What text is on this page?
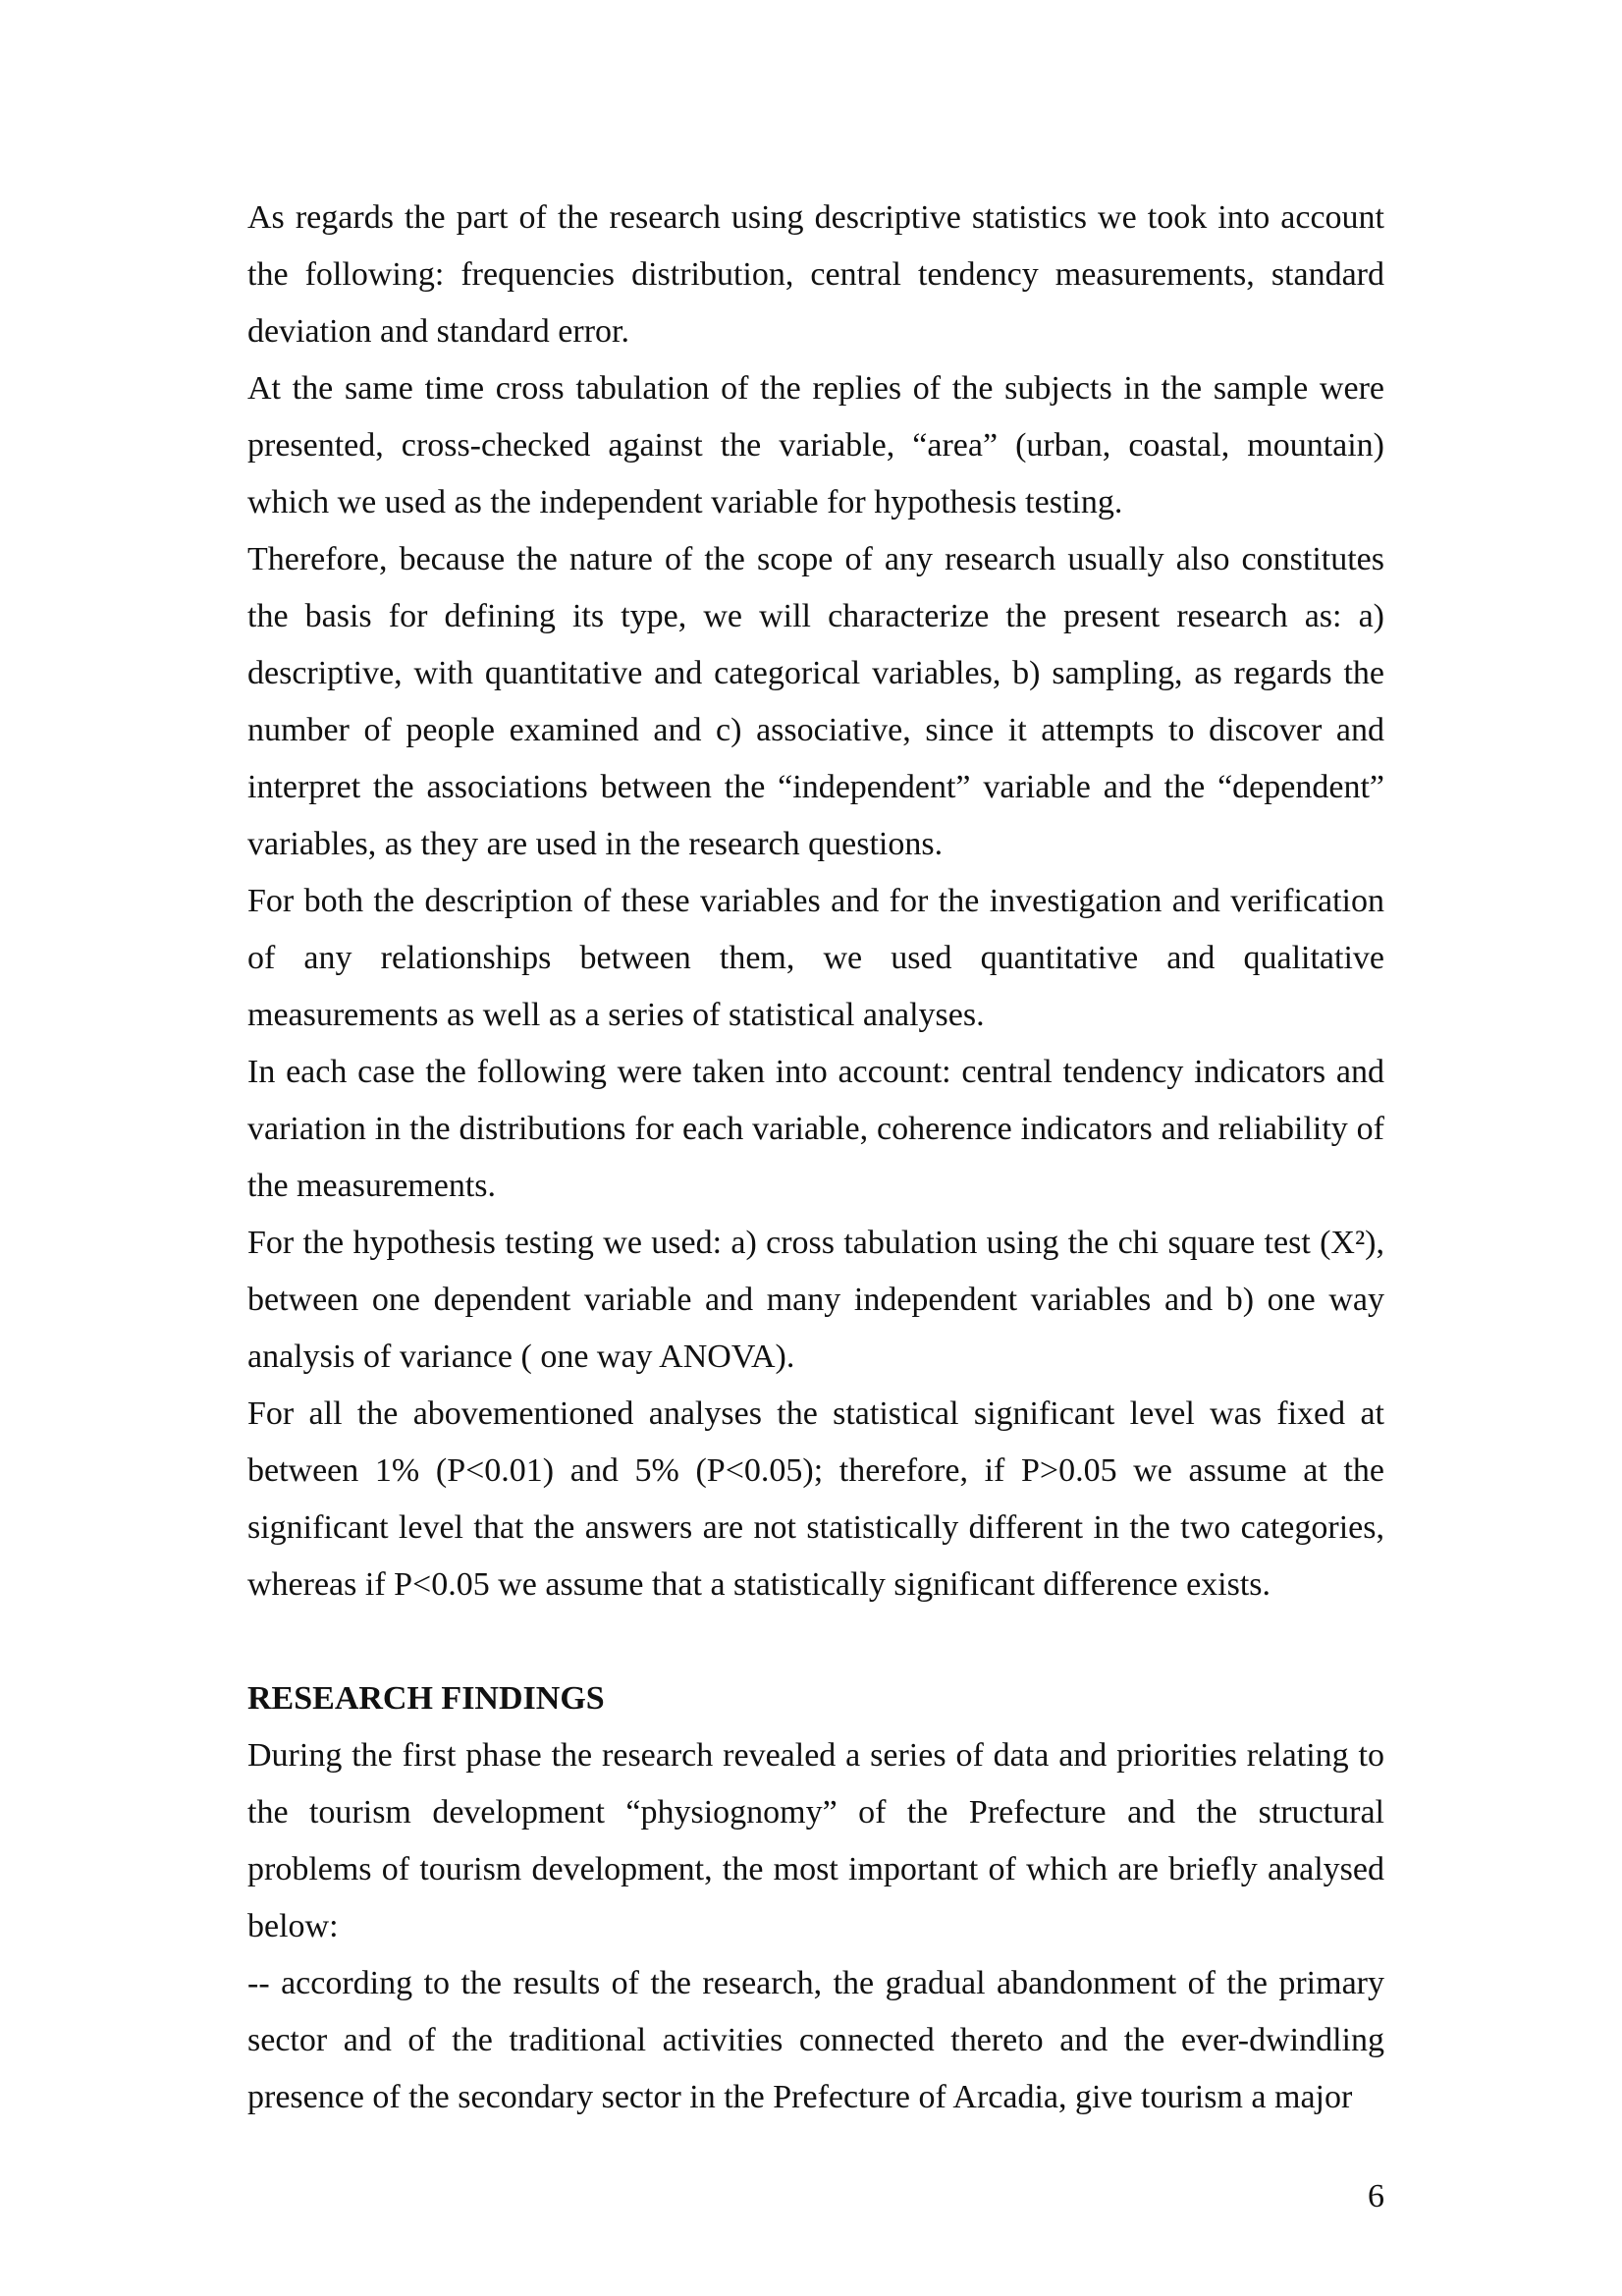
As regards the part of the research using descriptive statistics we took into account the following: frequencies distribution, central tendency measurements, standard deviation and standard error.

At the same time cross tabulation of the replies of the subjects in the sample were presented, cross-checked against the variable, “area” (urban, coastal, mountain) which we used as the independent variable for hypothesis testing.

Therefore, because the nature of the scope of any research usually also constitutes the basis for defining its type, we will characterize the present research as: a) descriptive, with quantitative and categorical variables, b) sampling, as regards the number of people examined and c) associative, since it attempts to discover and interpret the associations between the “independent” variable and the “dependent” variables, as they are used in the research questions.

For both the description of these variables and for the investigation and verification of any relationships between them, we used quantitative and qualitative measurements as well as a series of statistical analyses.

In each case the following were taken into account: central tendency indicators and variation in the distributions for each variable, coherence indicators and reliability of the measurements.

For the hypothesis testing we used: a) cross tabulation using the chi square test (X²), between one dependent variable and many independent variables and b) one way analysis of variance ( one way ANOVA).

For all the abovementioned analyses the statistical significant level was fixed at between 1% (P<0.01) and 5% (P<0.05); therefore, if P>0.05 we assume at the significant level that the answers are not statistically different in the two categories, whereas if P<0.05 we assume that a statistically significant difference exists.

RESEARCH FINDINGS

During the first phase the research revealed a series of data and priorities relating to the tourism development “physiognomy” of the Prefecture and the structural problems of tourism development, the most important of which are briefly analysed below:

-- according to the results of the research, the gradual abandonment of the primary sector and of the traditional activities connected thereto and the ever-dwindling presence of the secondary sector in the Prefecture of Arcadia, give tourism a major

6
